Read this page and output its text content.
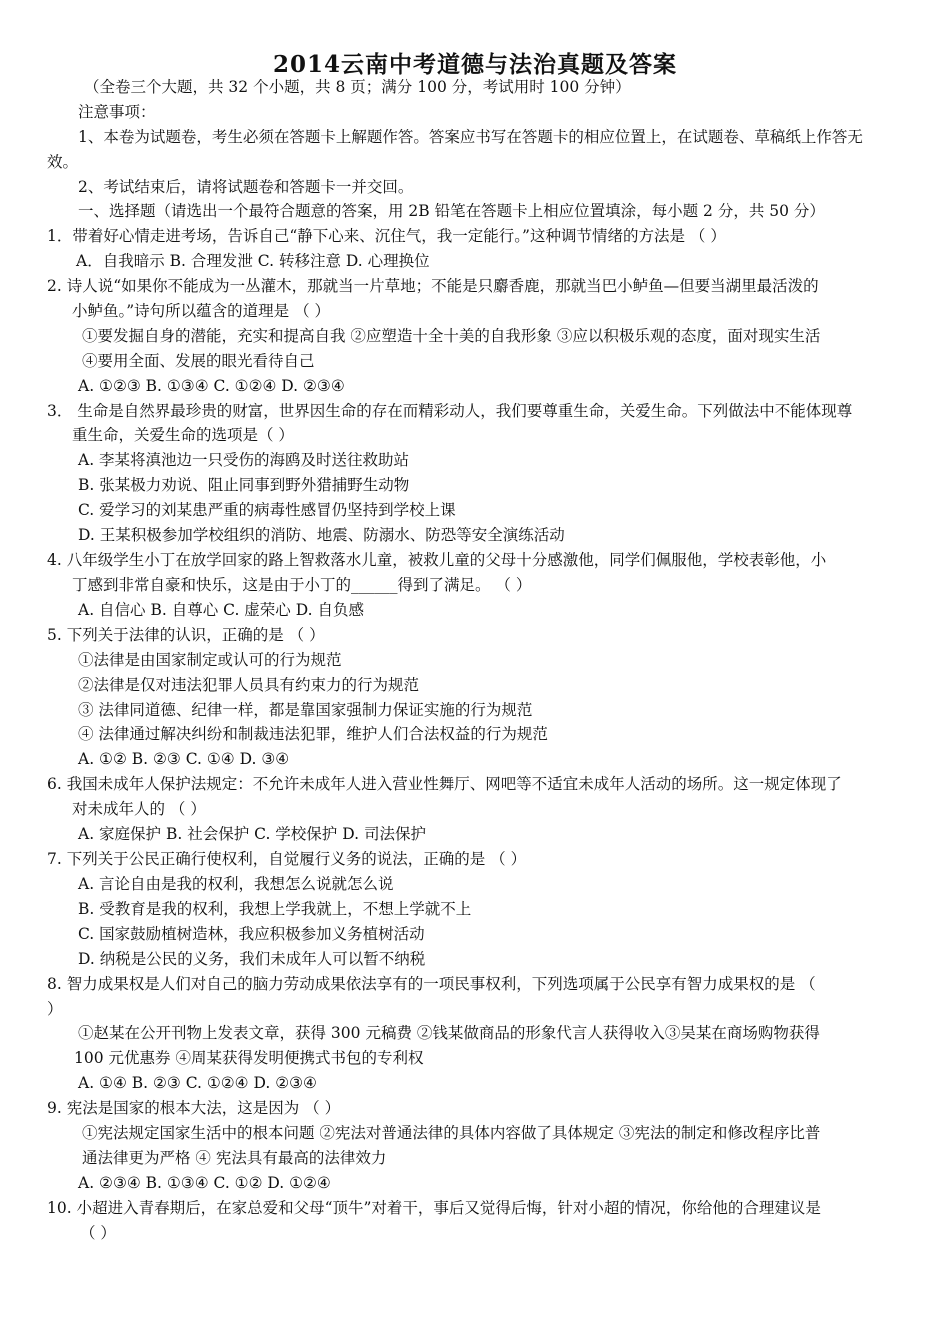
2014云南中考道德与法治真题及答案
（全卷三个大题，共 32 个小题，共 8 页；满分 100 分，考试用时 100 分钟）
注意事项：
1、本卷为试题卷，考生必须在答题卡上解题作答。答案应书写在答题卡的相应位置上，在试题卷、草稿纸上作答无
效。
2、考试结束后，请将试题卷和答题卡一并交回。
一、选择题（请选出一个最符合题意的答案，用 2B 铅笔在答题卡上相应位置填涂，每小题 2 分，共 50 分）
1．带着好心情走进考场，告诉自己“静下心来、沉住气，我一定能行。”这种调节情绪的方法是 （ ）
A．自我暗示 B. 合理发泄 C. 转移注意 D. 心理换位
2. 诗人说“如果你不能成为一丛灌木，那就当一片草地；不能是只麝香鹿，那就当巴小鲈鱼—但要当湖里最活泼的
小鲈鱼。”诗句所以蕴含的道理是 （ ）
①要发掘自身的潜能，充实和提高自我 ②应塑造十全十美的自我形象 ③应以积极乐观的态度，面对现实生活
④要用全面、发展的眼光看待自己
A. ①②③ B. ①③④ C. ①②④ D. ②③④
3． 生命是自然界最珍贵的财富，世界因生命的存在而精彩动人，我们要尊重生命，关爱生命。下列做法中不能体现尊
重生命，关爱生命的选项是（ ）
A. 李某将滇池边一只受伤的海鸥及时送往救助站
B. 张某极力劝说、阻止同事到野外猎捕野生动物
C. 爱学习的刘某患严重的病毒性感冒仍坚持到学校上课
D. 王某积极参加学校组织的消防、地震、防溺水、防恐等安全演练活动
4. 八年级学生小丁在放学回家的路上智救落水儿童，被救儿童的父母十分感激他，同学们佩服他，学校表彰他，小
丁感到非常自豪和快乐，这是由于小丁的______得到了满足。 （ ）
A. 自信心 B. 自尊心 C. 虚荣心 D. 自负感
5. 下列关于法律的认识，正确的是 （ ）
①法律是由国家制定或认可的行为规范
②法律是仅对违法犯罪人员具有约束力的行为规范
③ 法律同道德、纪律一样，都是靠国家强制力保证实施的行为规范
④ 法律通过解决纠纷和制裁违法犯罪，维护人们合法权益的行为规范
A. ①② B. ②③ C. ①④ D. ③④
6. 我国未成年人保护法规定：不允许未成年人进入营业性舞厅、网吧等不适宜未成年人活动的场所。这一规定体现了
对未成年人的 （ ）
A. 家庭保护 B. 社会保护 C. 学校保护 D. 司法保护
7. 下列关于公民正确行使权利，自觉履行义务的说法，正确的是 （ ）
A. 言论自由是我的权利，我想怎么说就怎么说
B. 受教育是我的权利，我想上学我就上，不想上学就不上
C. 国家鼓励植树造林，我应积极参加义务植树活动
D. 纳税是公民的义务，我们未成年人可以暂不纳税
8. 智力成果权是人们对自己的脑力劳动成果依法享有的一项民事权利，下列选项属于公民享有智力成果权的是 （
）
①赵某在公开刊物上发表文章，获得 300 元稿费 ②钱某做商品的形象代言人获得收入③吴某在商场购物获得
100 元优惠券 ④周某获得发明便携式书包的专利权
A. ①④ B. ②③ C. ①②④ D. ②③④
9. 宪法是国家的根本大法，这是因为 （ ）
①宪法规定国家生活中的根本问题 ②宪法对普通法律的具体内容做了具体规定 ③宪法的制定和修改程序比普
通法律更为严格 ④ 宪法具有最高的法律效力
A. ②③④ B. ①③④ C. ①② D. ①②④
10. 小超进入青春期后，在家总爱和父母“顶牛”对着干，事后又觉得后悔，针对小超的情况，你给他的合理建议是
（ ）
